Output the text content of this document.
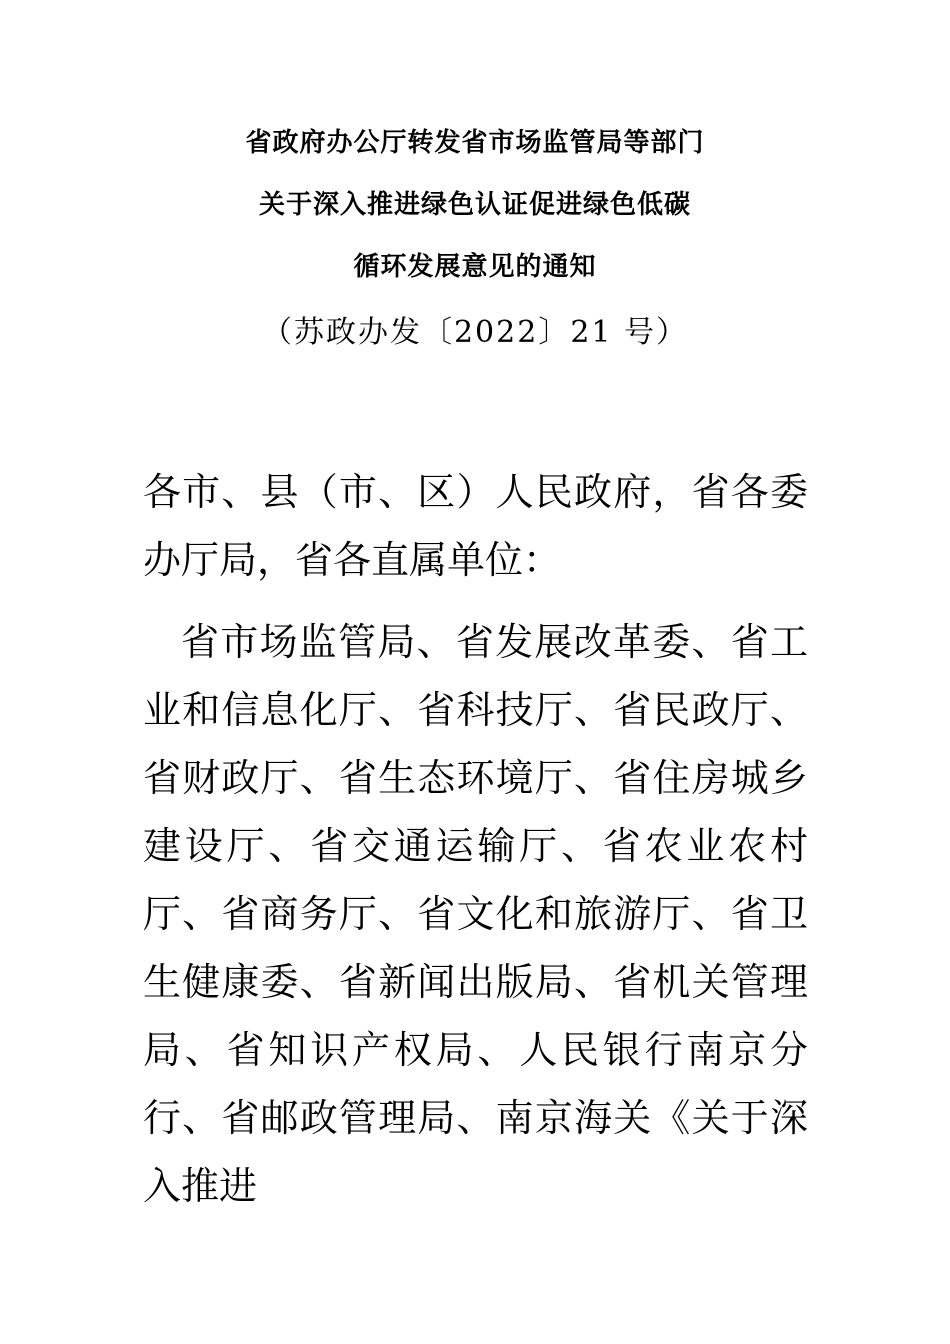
省政府办公厅转发省市场监管局等部门
关于深入推进绿色认证促进绿色低碳
循环发展意见的通知
（苏政办发〔2022〕21 号）

各市、县（市、区）人民政府，省各委办厅局，省各直属单位：

省市场监管局、省发展改革委、省工业和信息化厅、省科技厅、省民政厅、省财政厅、省生态环境厅、省住房城乡建设厅、省交通运输厅、省农业农村厅、省商务厅、省文化和旅游厅、省卫生健康委、省新闻出版局、省机关管理局、省知识产权局、人民银行南京分行、省邮政管理局、南京海关《关于深入推进
